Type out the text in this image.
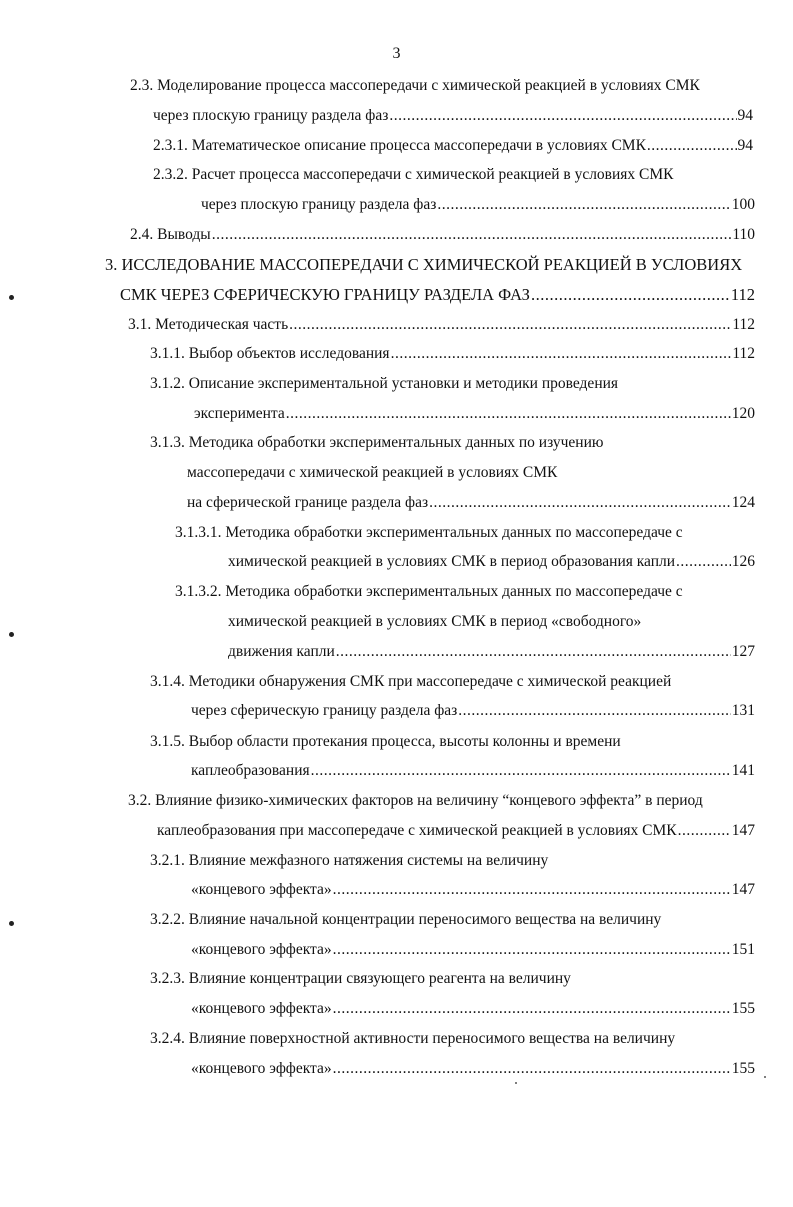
3
2.3. Моделирование процесса массопередачи с химической реакцией в условиях СМК
через плоскую границу раздела фаз .....	94
2.3.1. Математическое описание процесса массопередачи в условиях СМК .....	94
2.3.2. Расчет процесса массопередачи с химической реакцией в условиях СМК
через плоскую границу раздела фаз .....	100
2.4. Выводы .....	110
3. ИССЛЕДОВАНИЕ МАССОПЕРЕДАЧИ С ХИМИЧЕСКОЙ РЕАКЦИЕЙ В УСЛОВИЯХ
СМК ЧЕРЕЗ СФЕРИЧЕСКУЮ ГРАНИЦУ РАЗДЕЛА ФАЗ .....	112
3.1. Методическая часть .....	112
3.1.1. Выбор объектов исследования .....	112
3.1.2. Описание экспериментальной установки и методики проведения
эксперимента .....	120
3.1.3. Методика обработки экспериментальных данных по изучению
массопередачи с химической реакцией в условиях СМК
на сферической границе раздела фаз .....	124
3.1.3.1. Методика обработки экспериментальных данных по массопередаче с
химической реакцией в условиях СМК в период образования капли .....	126
3.1.3.2. Методика обработки экспериментальных данных по массопередаче с
химической реакцией в условиях СМК в период «свободного»
движения капли .....	127
3.1.4. Методики обнаружения СМК при массопередаче с химической реакцией
через сферическую границу раздела фаз .....	131
3.1.5. Выбор области протекания процесса, высоты колонны и времени
каплеобразования .....	141
3.2. Влияние физико-химических факторов на величину “концевого эффекта” в период
каплеобразования при массопередаче с химической реакцией в условиях СМК .....	147
3.2.1. Влияние межфазного натяжения системы на величину
«концевого эффекта» .....	147
3.2.2. Влияние начальной концентрации переносимого вещества на величину
«концевого эффекта» .....	151
3.2.3. Влияние концентрации связующего реагента на величину
«концевого эффекта» .....	155
3.2.4. Влияние поверхностной активности переносимого вещества на величину
«концевого эффекта» .....	155
